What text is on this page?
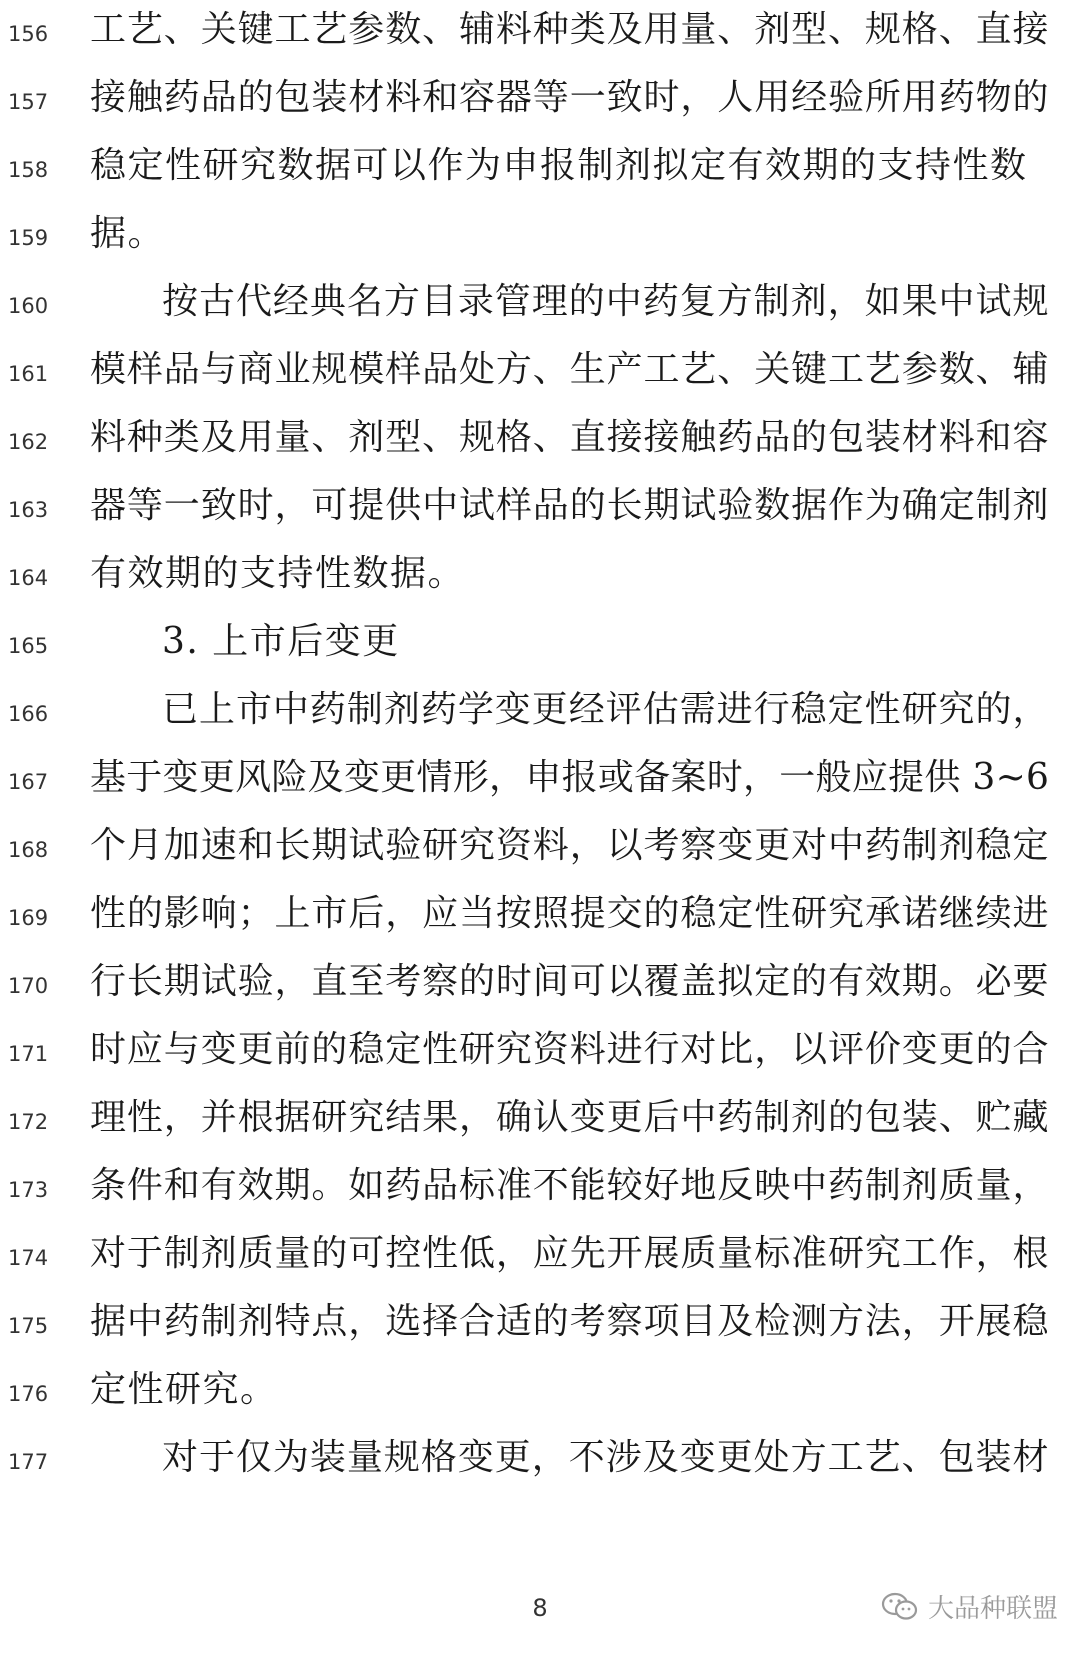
156	工艺、关键工艺参数、辅料种类及用量、剂型、规格、直接
157	接触药品的包装材料和容器等一致时，人用经验所用药物的
158	稳定性研究数据可以作为申报制剂拟定有效期的支持性数
159	据。
160	按古代经典名方目录管理的中药复方制剂，如果中试规
161	模样品与商业规模样品处方、生产工艺、关键工艺参数、辅
162	料种类及用量、剂型、规格、直接接触药品的包装材料和容
163	器等一致时，可提供中试样品的长期试验数据作为确定制剂
164	有效期的支持性数据。
165	3. 上市后变更
166	已上市中药制剂药学变更经评估需进行稳定性研究的，
167	基于变更风险及变更情形，申报或备案时，一般应提供 3~6
168	个月加速和长期试验研究资料，以考察变更对中药制剂稳定
169	性的影响；上市后，应当按照提交的稳定性研究承诺继续进
170	行长期试验，直至考察的时间可以覆盖拟定的有效期。必要
171	时应与变更前的稳定性研究资料进行对比，以评价变更的合
172	理性，并根据研究结果，确认变更后中药制剂的包装、贮藏
173	条件和有效期。如药品标准不能较好地反映中药制剂质量，
174	对于制剂质量的可控性低，应先开展质量标准研究工作，根
175	据中药制剂特点，选择合适的考察项目及检测方法，开展稳
176	定性研究。
177	对于仅为装量规格变更，不涉及变更处方工艺、包装材
8	大品种联盟
